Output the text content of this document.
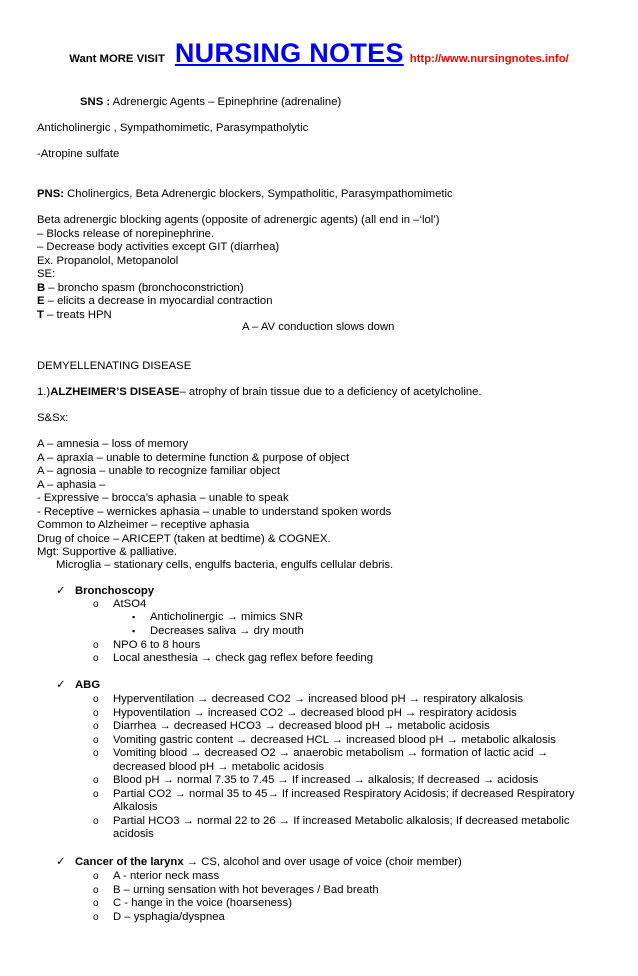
Want MORE VISIT NURSING NOTES http://www.nursingnotes.info/
SNS : Adrenergic Agents – Epinephrine (adrenaline)
Anticholinergic , Sympathomimetic, Parasympatholytic
-Atropine sulfate
PNS: Cholinergics, Beta Adrenergic blockers, Sympatholitic, Parasympathomimetic
Beta adrenergic blocking agents (opposite of adrenergic agents) (all end in –‘lol’)
– Blocks release of norepinephrine.
– Decrease body activities except GIT (diarrhea)
Ex. Propanolol, Metopanolol
SE:
B – broncho spasm (bronchoconstriction)
E – elicits a decrease in myocardial contraction
T – treats HPN
A – AV conduction slows down
DEMYELLENATING DISEASE
1.)ALZHEIMER’S DISEASE– atrophy of brain tissue due to a deficiency of acetylcholine.
S&Sx:
A – amnesia – loss of memory
A – apraxia – unable to determine function & purpose of object
A – agnosia – unable to recognize familiar object
A – aphasia –
- Expressive – brocca’s aphasia – unable to speak
- Receptive – wernickes aphasia – unable to understand spoken words
Common to Alzheimer – receptive aphasia
Drug of choice – ARICEPT (taken at bedtime) & COGNEX.
Mgt: Supportive & palliative.
Microglia – stationary cells, engulfs bacteria, engulfs cellular debris.
✓ Bronchoscopy
o AtSO4
▪ Anticholinergic → mimics SNR
▪ Decreases saliva → dry mouth
o NPO 6 to 8 hours
o Local anesthesia → check gag reflex before feeding
✓ ABG
o Hyperventilation → decreased CO2 → increased blood pH → respiratory alkalosis
o Hypoventilation → increased CO2 → decreased blood pH → respiratory acidosis
o Diarrhea → decreased HCO3 → decreased blood pH → metabolic acidosis
o Vomiting gastric content → decreased HCL → increased blood pH → metabolic alkalosis
o Vomiting blood → decreased O2 → anaerobic metabolism → formation of lactic acid →
decreased blood pH → metabolic acidosis
o Blood pH → normal 7.35 to 7.45 → If increased → alkalosis; If decreased → acidosis
o Partial CO2 → normal 35 to 45→ If increased Respiratory Acidosis; if decreased Respiratory
Alkalosis
o Partial HCO3 → normal 22 to 26 → If increased Metabolic alkalosis; If decreased metabolic
acidosis
✓ Cancer of the larynx → CS, alcohol and over usage of voice (choir member)
o A - nterior neck mass
o B – urning sensation with hot beverages / Bad breath
o C - hange in the voice (hoarseness)
o D – ysphagia/dyspnea
